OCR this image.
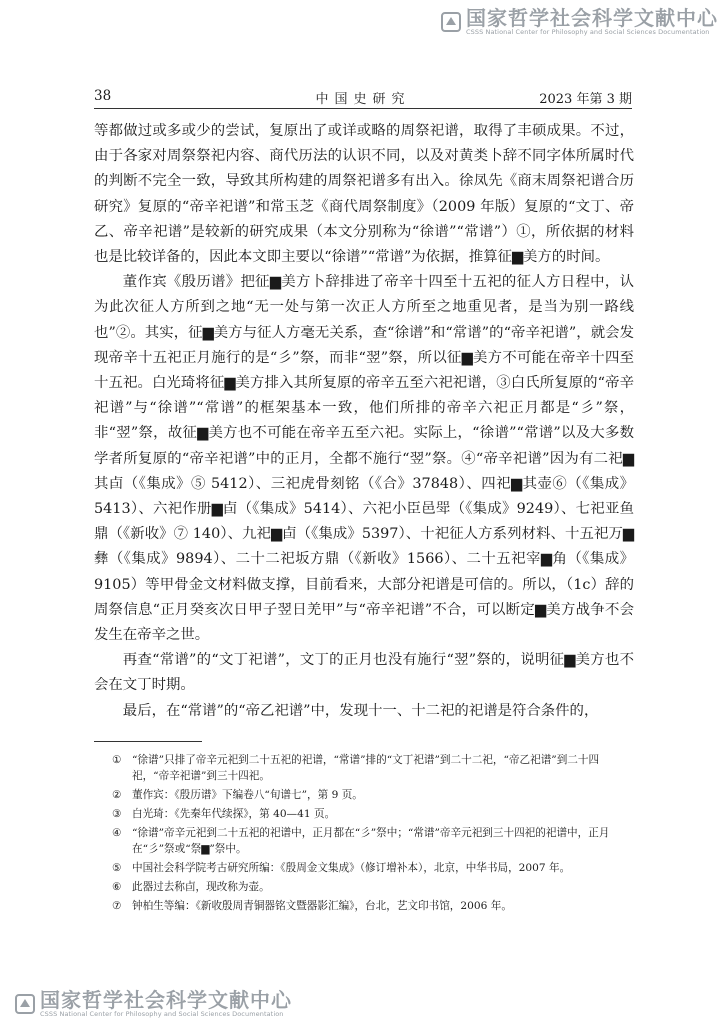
国家哲学社会科学文献中心
CSSS National Center for Philosophy and Social Sciences Documentation
38	中国史研究	2023 年第 3 期

等都做过或多或少的尝试，复原出了或详或略的周祭祀谱，取得了丰硕成果。不过，由于各家对周祭祭祀内容、商代历法的认识不同，以及对黄类卜辞不同字体所属时代的判断不完全一致，导致其所构建的周祭祀谱多有出入。徐凤先《商末周祭祀谱合历研究》复原的“帝辛祀谱”和常玉芝《商代周祭制度》（2009 年版）复原的“文丁、帝乙、帝辛祀谱”是较新的研究成果（本文分别称为“徐谱”“常谱”）①，所依据的材料也是比较详备的，因此本文即主要以“徐谱”“常谱”为依据，推算征▆美方的时间。

董作宾《殷历谱》把征▆美方卜辞排进了帝辛十四至十五祀的征人方日程中，认为此次征人方所到之地“无一处与第一次正人方所至之地重见者，是当为别一路线也”②。其实，征▆美方与征人方毫无关系，查“徐谱”和“常谱”的“帝辛祀谱”，就会发现帝辛十五祀正月施行的是“彡”祭，而非“翌”祭，所以征▆美方不可能在帝辛十四至十五祀。白光琦将征▆美方排入其所复原的帝辛五至六祀祀谱，③白氏所复原的“帝辛祀谱”与“徐谱”“常谱”的框架基本一致，他们所排的帝辛六祀正月都是“彡”祭，非“翌”祭，故征▆美方也不可能在帝辛五至六祀。实际上，“徐谱”“常谱”以及大多数学者所复原的“帝辛祀谱”中的正月，全都不施行“翌”祭。④“帝辛祀谱”因为有二祀▆其卣（《集成》⑤ 5412）、三祀虎骨刻铭（《合》37848）、四祀▆其壶⑥（《集成》5413）、六祀作册▆卣（《集成》5414）、六祀小臣邑斝（《集成》9249）、七祀亚鱼鼎（《新收》⑦ 140）、九祀▆卣（《集成》5397）、十祀征人方系列材料、十五祀万▆彝（《集成》9894）、二十二祀坂方鼎（《新收》1566）、二十五祀宰▆角（《集成》9105）等甲骨金文材料做支撑，目前看来，大部分祀谱是可信的。所以，（1c）辞的周祭信息“正月癸亥次日甲子翌日羌甲”与“帝辛祀谱”不合，可以断定▆美方战争不会发生在帝辛之世。

再查“常谱”的“文丁祀谱”，文丁的正月也没有施行“翌”祭的，说明征▆美方也不会在文丁时期。

最后，在“常谱”的“帝乙祀谱”中，发现十一、十二祀的祀谱是符合条件的，

① “徐谱”只排了帝辛元祀到二十五祀的祀谱，“常谱”排的“文丁祀谱”到二十二祀，“帝乙祀谱”到二十四祀，“帝辛祀谱”到三十四祀。
② 董作宾：《殷历谱》下编卷八“旬谱七”，第 9 页。
③ 白光琦：《先秦年代续探》，第 40—41 页。
④ “徐谱”帝辛元祀到二十五祀的祀谱中，正月都在“彡”祭中；“常谱”帝辛元祀到三十四祀的祀谱中，正月在“彡”祭或“祭▆”祭中。
⑤ 中国社会科学院考古研究所编：《殷周金文集成》（修订增补本），北京，中华书局，2007 年。
⑥ 此器过去称卣，现改称为壶。
⑦ 钟柏生等编：《新收殷周青铜器铭文暨器影汇编》，台北，艺文印书馆，2006 年。
国家哲学社会科学文献中心
CSSS National Center for Philosophy and Social Sciences Documentation
